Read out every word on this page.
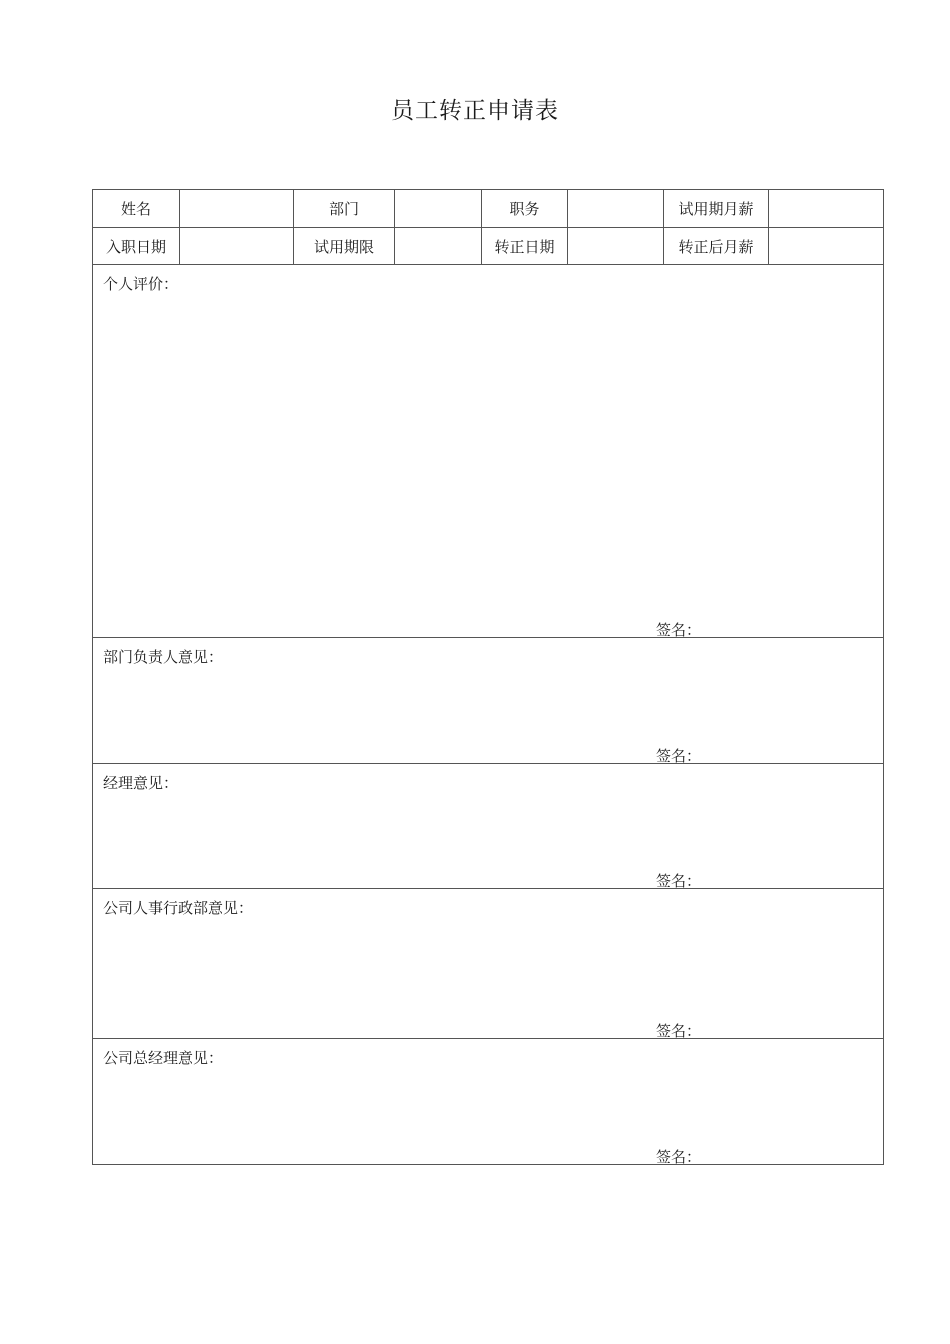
员工转正申请表
姓名	部门	职务	试用期月薪
入职日期	试用期限	转正日期	转正后月薪
个人评价：
签名：
部门负责人意见：
签名：
经理意见：
签名：
公司人事行政部意见：
签名：
公司总经理意见：
签名：
